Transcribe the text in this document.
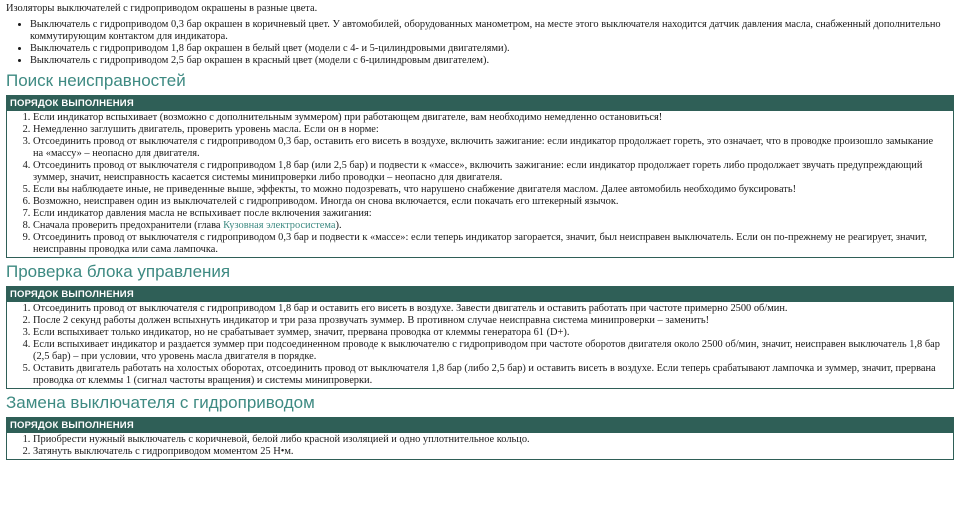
Изоляторы выключателей с гидроприводом окрашены в разные цвета.

• Выключатель с гидроприводом 0,3 бар окрашен в коричневый цвет. У автомобилей, оборудованных манометром, на месте этого выключателя находится датчик давления масла, снабженный дополнительно коммутирующим контактом для индикатора.
• Выключатель с гидроприводом 1,8 бар окрашен в белый цвет (модели с 4- и 5-цилиндровыми двигателями).
• Выключатель с гидроприводом 2,5 бар окрашен в красный цвет (модели с 6-цилиндровым двигателем).
Поиск неисправностей
ПОРЯДОК ВЫПОЛНЕНИЯ
1. Если индикатор вспыхивает (возможно с дополнительным зуммером) при работающем двигателе, вам необходимо немедленно остановиться!
2. Немедленно заглушить двигатель, проверить уровень масла. Если он в норме:
3. Отсоединить провод от выключателя с гидроприводом 0,3 бар, оставить его висеть в воздухе, включить зажигание: если индикатор продолжает гореть, это означает, что в проводке произошло замыкание на «массу» – неопасно для двигателя.
4. Отсоединить провод от выключателя с гидроприводом 1,8 бар (или 2,5 бар) и подвести к «массе», включить зажигание: если индикатор продолжает гореть либо продолжает звучать предупреждающий зуммер, значит, неисправность касается системы минипроверки либо проводки – неопасно для двигателя.
5. Если вы наблюдаете иные, не приведенные выше, эффекты, то можно подозревать, что нарушено снабжение двигателя маслом. Далее автомобиль необходимо буксировать!
6. Возможно, неисправен один из выключателей с гидроприводом. Иногда он снова включается, если покачать его штекерный язычок.
7. Если индикатор давления масла не вспыхивает после включения зажигания:
8. Сначала проверить предохранители (глава Кузовная электросистема).
9. Отсоединить провод от выключателя с гидроприводом 0,3 бар и подвести к «массе»: если теперь индикатор загорается, значит, был неисправен выключатель. Если он по-прежнему не реагирует, значит, неисправны проводка или сама лампочка.
Проверка блока управления
ПОРЯДОК ВЫПОЛНЕНИЯ
1. Отсоединить провод от выключателя с гидроприводом 1,8 бар и оставить его висеть в воздухе. Завести двигатель и оставить работать при частоте примерно 2500 об/мин.
2. После 2 секунд работы должен вспыхнуть индикатор и три раза прозвучать зуммер. В противном случае неисправна система минипроверки – заменить!
3. Если вспыхивает только индикатор, но не срабатывает зуммер, значит, прервана проводка от клеммы генератора 61 (D+).
4. Если вспыхивает индикатор и раздается зуммер при подсоединенном проводе к выключателю с гидроприводом при частоте оборотов двигателя около 2500 об/мин, значит, неисправен выключатель 1,8 бар (2,5 бар) – при условии, что уровень масла двигателя в порядке.
5. Оставить двигатель работать на холостых оборотах, отсоединить провод от выключателя 1,8 бар (либо 2,5 бар) и оставить висеть в воздухе. Если теперь срабатывают лампочка и зуммер, значит, прервана проводка от клеммы 1 (сигнал частоты вращения) и системы минипроверки.
Замена выключателя с гидроприводом
ПОРЯДОК ВЫПОЛНЕНИЯ
1. Приобрести нужный выключатель с коричневой, белой либо красной изоляцией и одно уплотнительное кольцо.
2. Затянуть выключатель с гидроприводом моментом 25 Н•м.
